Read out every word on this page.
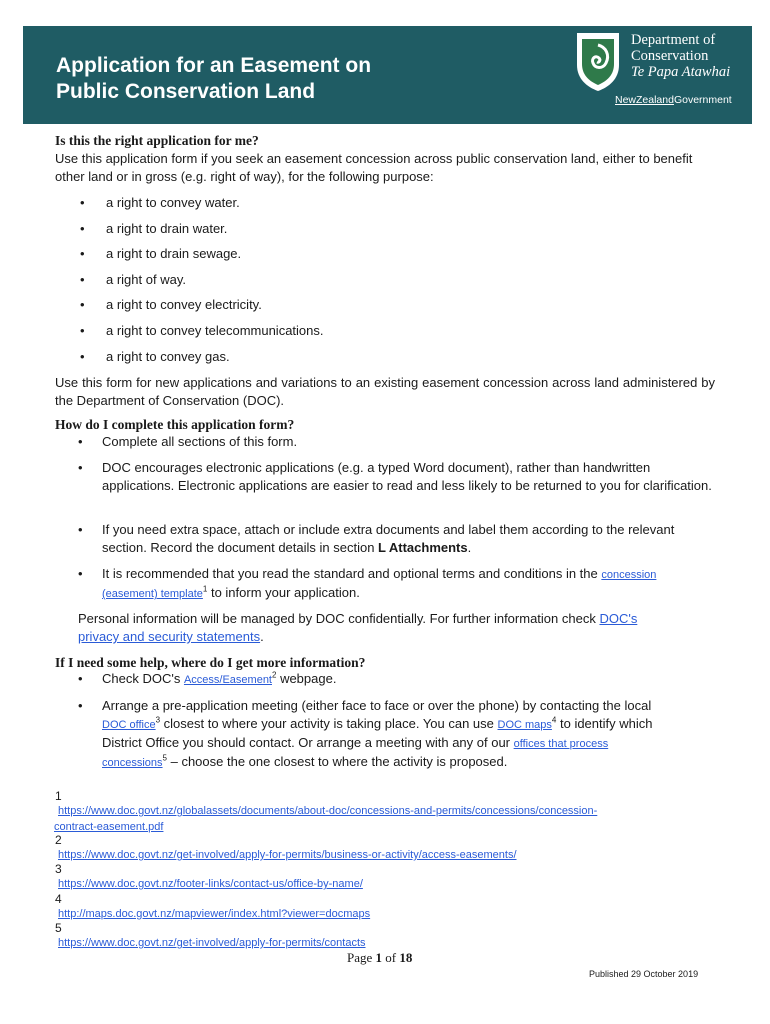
Application for an Easement on
Public Conservation Land
Department of
Conservation
Te Papa Atawhai
NewZealandGovernment
Is this the right application for me?
Use this application form if you seek an easement concession across public conservation land, either to benefit other land or in gross (e.g. right of way), for the following purpose:
• a right to convey water.
• a right to drain water.
• a right to drain sewage.
• a right of way.
• a right to convey electricity.
• a right to convey telecommunications.
• a right to convey gas.
Use this form for new applications and variations to an existing easement concession across land administered by the Department of Conservation (DOC).
How do I complete this application form?
• Complete all sections of this form.
• DOC encourages electronic applications (e.g. a typed Word document), rather than handwritten applications. Electronic applications are easier to read and less likely to be returned to you for clarification.
• If you need extra space, attach or include extra documents and label them according to the relevant section. Record the document details in section L Attachments.
• It is recommended that you read the standard and optional terms and conditions in the concession
(easement) template$^1$ to inform your application.
Personal information will be managed by DOC confidentially. For further information check DOC's
privacy and security statements.
If I need some help, where do I get more information?
• Check DOC's Access/Easement$^2$ webpage.
• Arrange a pre-application meeting (either face to face or over the phone) by contacting the local
DOC office$^3$ closest to where your activity is taking place. You can use DOC maps$^4$ to identify which
District Office you should contact. Or arrange a meeting with any of our offices that process
concessions$^5$ – choose the one closest to where the activity is proposed.
1
https://www.doc.govt.nz/globalassets/documents/about-doc/concessions-and-permits/concessions/concession-
contract-easement.pdf
2
https://www.doc.govt.nz/get-involved/apply-for-permits/business-or-activity/access-easements/
3
https://www.doc.govt.nz/footer-links/contact-us/office-by-name/
4
http://maps.doc.govt.nz/mapviewer/index.html?viewer=docmaps
5
https://www.doc.govt.nz/get-involved/apply-for-permits/contacts
Page 1 of 18
Published 29 October 2019
